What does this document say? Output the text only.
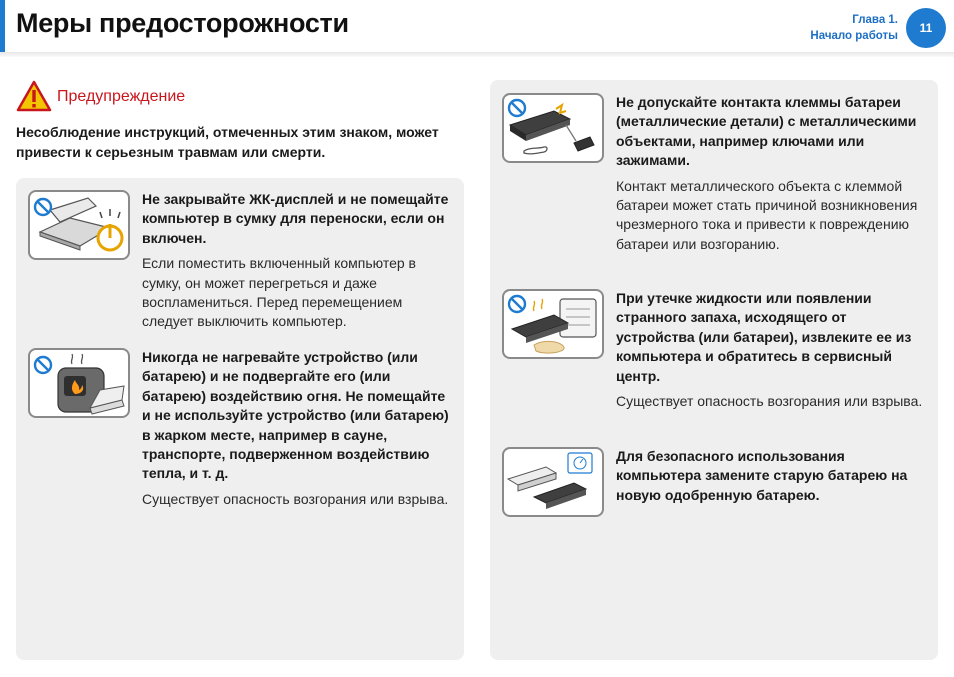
Меры предосторожности	Глава 1.
Начало работы
11
Предупреждение
Несоблюдение инструкций, отмеченных этим знаком, может привести к серьезным травмам или смерти.

Не закрывайте ЖК-дисплей и не помещайте компьютер в сумку для переноски, если он включен.

Если поместить включенный компьютер в сумку, он может перегреться и даже воспламениться. Перед перемещением следует выключить компьютер.

Никогда не нагревайте устройство (или батарею) и не подвергайте его (или батарею) воздействию огня. Не помещайте и не используйте устройство (или батарею) в жарком месте, например в сауне, транспорте, подверженном воздействию тепла, и т. д.

Существует опасность возгорания или взрыва.

Не допускайте контакта клеммы батареи (металлические детали) с металлическими объектами, например ключами или зажимами.

Контакт металлического объекта с клеммой батареи может стать причиной возникновения чрезмерного тока и привести к повреждению батареи или возгоранию.

При утечке жидкости или появлении странного запаха, исходящего от устройства (или батареи), извлеките ее из компьютера и обратитесь в сервисный центр.

Существует опасность возгорания или взрыва.

Для безопасного использования компьютера замените старую батарею на новую одобренную батарею.
